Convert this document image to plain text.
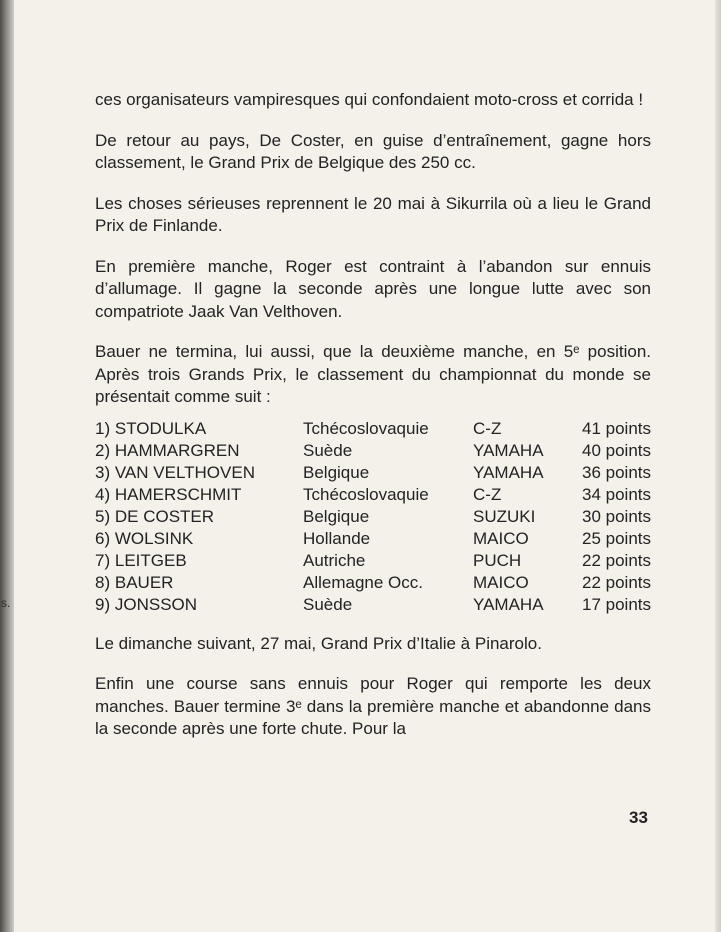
s.

ces organisateurs vampiresques qui confondaient moto-cross et corrida !

De retour au pays, De Coster, en guise d’entraînement, gagne hors classement, le Grand Prix de Belgique des 250 cc.

Les choses sérieuses reprennent le 20 mai à Sikurrila où a lieu le Grand Prix de Finlande.

En première manche, Roger est contraint à l’abandon sur ennuis d’allumage. Il gagne la seconde après une longue lutte avec son compatriote Jaak Van Velthoven.

Bauer ne termina, lui aussi, que la deuxième manche, en 5ᵉ position. Après trois Grands Prix, le classement du championnat du monde se présentait comme suit :

1) STODULKA	Tchécoslovaquie	C-Z	41 points
2) HAMMARGREN	Suède	YAMAHA	40 points
3) VAN VELTHOVEN	Belgique	YAMAHA	36 points
4) HAMERSCHMIT	Tchécoslovaquie	C-Z	34 points
5) DE COSTER	Belgique	SUZUKI	30 points
6) WOLSINK	Hollande	MAICO	25 points
7) LEITGEB	Autriche	PUCH	22 points
8) BAUER	Allemagne Occ.	MAICO	22 points
9) JONSSON	Suède	YAMAHA	17 points

Le dimanche suivant, 27 mai, Grand Prix d’Italie à Pinarolo.

Enfin une course sans ennuis pour Roger qui remporte les deux manches. Bauer termine 3ᵉ dans la première manche et abandonne dans la seconde après une forte chute. Pour la

33
